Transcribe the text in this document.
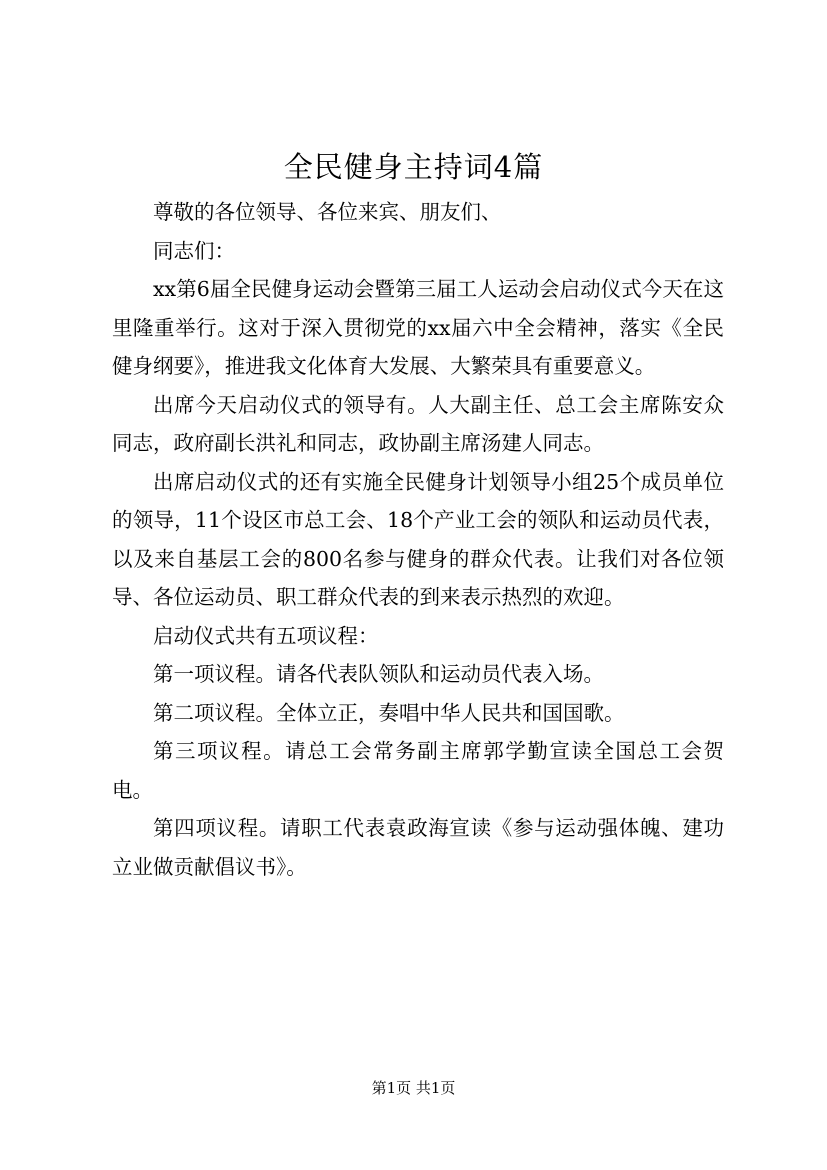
全民健身主持词4篇

尊敬的各位领导、各位来宾、朋友们、

同志们：

xx第6届全民健身运动会暨第三届工人运动会启动仪式今天在这里隆重举行。这对于深入贯彻党的xx届六中全会精神，落实《全民健身纲要》，推进我文化体育大发展、大繁荣具有重要意义。

出席今天启动仪式的领导有。人大副主任、总工会主席陈安众同志，政府副长洪礼和同志，政协副主席汤建人同志。

出席启动仪式的还有实施全民健身计划领导小组25个成员单位的领导，11个设区市总工会、18个产业工会的领队和运动员代表，以及来自基层工会的800名参与健身的群众代表。让我们对各位领导、各位运动员、职工群众代表的到来表示热烈的欢迎。

启动仪式共有五项议程：

第一项议程。请各代表队领队和运动员代表入场。

第二项议程。全体立正，奏唱中华人民共和国国歌。

第三项议程。请总工会常务副主席郭学勤宣读全国总工会贺电。

第四项议程。请职工代表袁政海宣读《参与运动强体魄、建功立业做贡献倡议书》。

第1页 共1页
